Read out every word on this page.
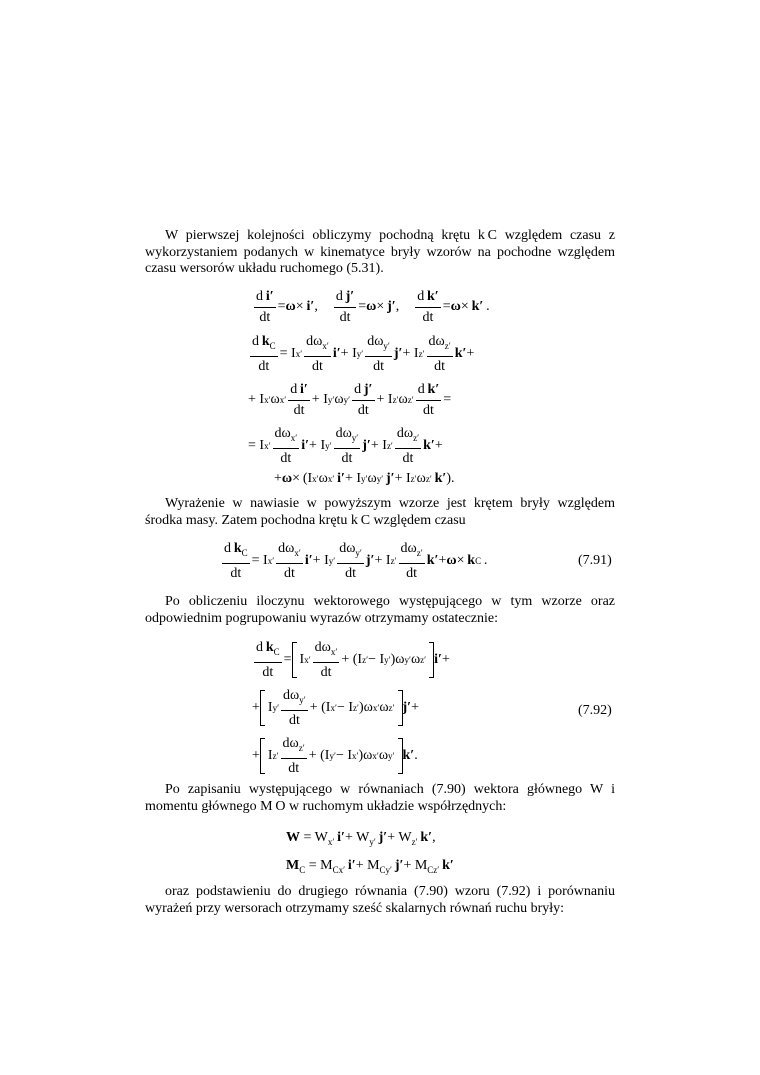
W pierwszej kolejności obliczymy pochodną krętu k C względem czasu z wykorzystaniem podanych w kinematyce bryły wzorów na pochodne względem czasu wersorów układu ruchomego (5.31).

$\frac{\text{d i′}}{dt} = \omega \times i'$ , $\frac{\text{d j′}}{dt} = \omega \times j'$ , $\frac{\text{d k′}}{dt} = \omega \times k'$  .
$\frac{d k_C}{dt} = I$ $x' \frac{d\omega_{x'}}{dt} i' + I$ $y' \frac{d\omega_{y'}}{dt} j' + I$ $z' \frac{d\omega_{z'}}{dt} k'$ +
+ I x′ ω $x' \frac{\text{d i′}}{dt} + I$ y′ ω $y' \frac{\text{d j′}}{dt} + I$ z′ ω $z' \frac{\text{d k′}}{dt}$ =
= I $x' \frac{d\omega_{x'}}{dt} i' + I$ $y' \frac{d\omega_{y'}}{dt} j' + I$ $z' \frac{d\omega_{z'}}{dt} k'$ +
+ ω × (I x′ ω x′
  i′ + I y′ ω y′
  j′ + I z′ ω z′
  k′ ).

Wyrażenie w nawiasie w powyższym wzorze jest krętem bryły względem środka masy. Zatem pochodna krętu k C względem czasu

$\frac{d k_C}{dt} = I$ $x' \frac{d\omega_{x'}}{dt} i' + I$ $y' \frac{d\omega_{y'}}{dt} j' + I$ $z' \frac{d\omega_{z'}}{dt} k' + \omega \times k$ C  .	(7.91)

Po obliczeniu iloczynu wektorowego występującego w tym wzorze oraz odpowiednim pogrupowaniu wyrazów otrzymamy ostatecznie:

$\frac{d k_C}{dt}$ =
I $x' \frac{d\omega_{x'}}{dt} + (I$ z′ − I y′ )ω y′ ω z′ i′ +
+
I $y' \frac{d\omega_{y'}}{dt} + (I$ x′ − I z′ )ω x′ ω z′ j′ +
+
I $z' \frac{d\omega_{z'}}{dt} + (I$ y′ − I x′ )ω x′ ω y′ k′ .
(7.92)

Po zapisaniu występującego w równaniach (7.90) wektora głównego W i momentu głównego M O w ruchomym układzie współrzędnych:

$W = W_{x'}$  $i'+ W_{y'}$  $j'+ W_{z'}$  k′,
$M_C = M_{Cx'}$  $i'+ M_{Cy'}$  $j'+ M_{Cz'}$  k′

oraz podstawieniu do drugiego równania (7.90) wzoru (7.92) i porównaniu wyrażeń przy wersorach otrzymamy sześć skalarnych równań ruchu bryły:
